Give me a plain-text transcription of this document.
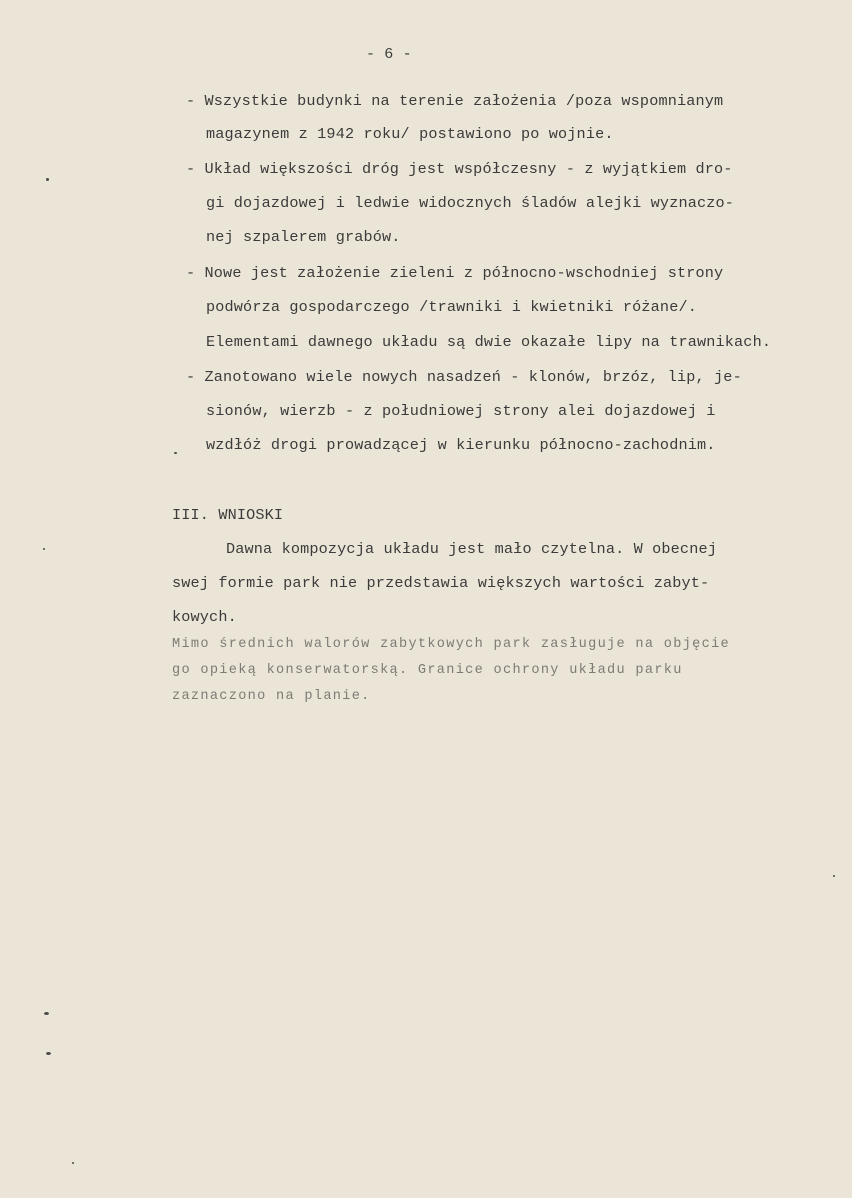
- 6 -
- Wszystkie budynki na terenie założenia /poza wspomnianym
magazynem z 1942 roku/ postawiono po wojnie.
- Układ większości dróg jest współczesny - z wyjątkiem dro-
gi dojazdowej i ledwie widocznych śladów alejki wyznaczo-
nej szpalerem grabów.
- Nowe jest założenie zieleni z północno-wschodniej strony
podwórza gospodarczego /trawniki i kwietniki różane/.
Elementami dawnego układu są dwie okazałe lipy na trawnikach.
- Zanotowano wiele nowych nasadzeń - klonów, brzóz, lip, je-
sionów, wierzb - z południowej strony alei dojazdowej i
wzdłóż drogi prowadzącej w kierunku północno-zachodnim.
III. WNIOSKI
Dawna kompozycja układu jest mało czytelna. W obecnej
swej formie park nie przedstawia większych wartości zabyt-
kowych.
Mimo średnich walorów zabytkowych park zasługuje na objęcie
go opieką konserwatorską. Granice ochrony układu parku
zaznaczono na planie.
